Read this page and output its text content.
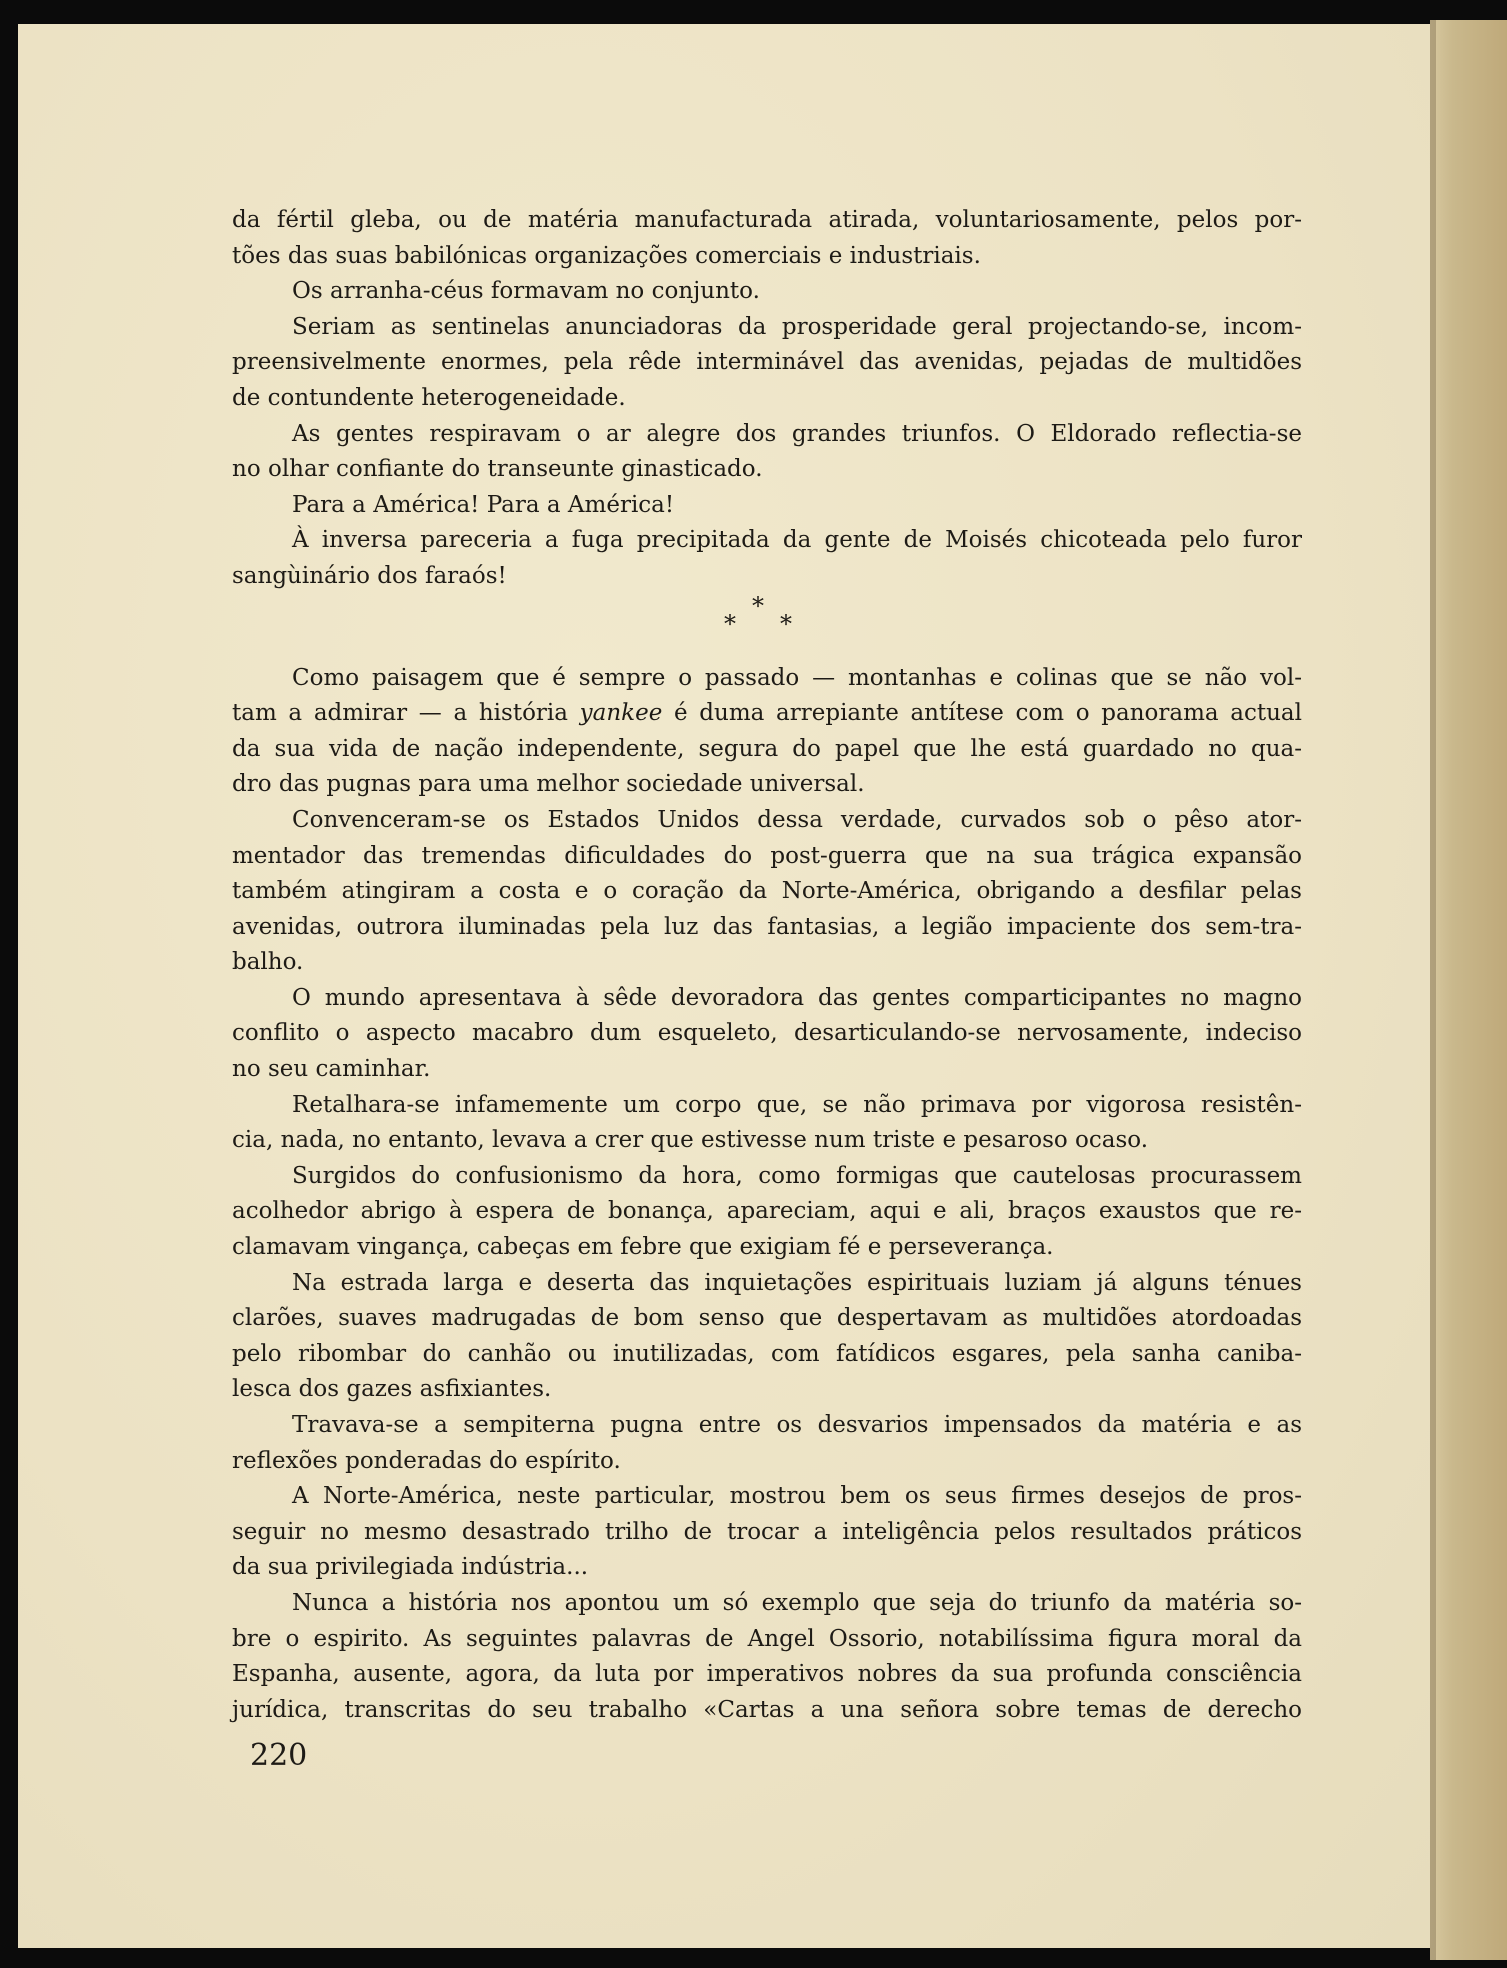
da fértil gleba, ou de matéria manufacturada atirada, voluntariosamente, pelos por-
tões das suas babilónicas organizações comerciais e industriais.
Os arranha-céus formavam no conjunto.
Seriam as sentinelas anunciadoras da prosperidade geral projectando-se, incom-
preensivelmente enormes, pela rêde interminável das avenidas, pejadas de multidões
de contundente heterogeneidade.
As gentes respiravam o ar alegre dos grandes triunfos. O Eldorado reflectia-se
no olhar confiante do transeunte ginasticado.
Para a América! Para a América!
À inversa pareceria a fuga precipitada da gente de Moisés chicoteada pelo furor
sangùinário dos faraós!
*
* *
Como paisagem que é sempre o passado — montanhas e colinas que se não vol-
tam a admirar — a história yankee é duma arrepiante antítese com o panorama actual
da sua vida de nação independente, segura do papel que lhe está guardado no qua-
dro das pugnas para uma melhor sociedade universal.
Convenceram-se os Estados Unidos dessa verdade, curvados sob o pêso ator-
mentador das tremendas dificuldades do post-guerra que na sua trágica expansão
também atingiram a costa e o coração da Norte-América, obrigando a desfilar pelas
avenidas, outrora iluminadas pela luz das fantasias, a legião impaciente dos sem-tra-
balho.
O mundo apresentava à sêde devoradora das gentes comparticipantes no magno
conflito o aspecto macabro dum esqueleto, desarticulando-se nervosamente, indeciso
no seu caminhar.
Retalhara-se infamemente um corpo que, se não primava por vigorosa resistên-
cia, nada, no entanto, levava a crer que estivesse num triste e pesaroso ocaso.
Surgidos do confusionismo da hora, como formigas que cautelosas procurassem
acolhedor abrigo à espera de bonança, apareciam, aqui e ali, braços exaustos que re-
clamavam vingança, cabeças em febre que exigiam fé e perseverança.
Na estrada larga e deserta das inquietações espirituais luziam já alguns ténues
clarões, suaves madrugadas de bom senso que despertavam as multidões atordoadas
pelo ribombar do canhão ou inutilizadas, com fatídicos esgares, pela sanha caniba-
lesca dos gazes asfixiantes.
Travava-se a sempiterna pugna entre os desvarios impensados da matéria e as
reflexões ponderadas do espírito.
A Norte-América, neste particular, mostrou bem os seus firmes desejos de pros-
seguir no mesmo desastrado trilho de trocar a inteligência pelos resultados práticos
da sua privilegiada indústria...
Nunca a história nos apontou um só exemplo que seja do triunfo da matéria so-
bre o espirito. As seguintes palavras de Angel Ossorio, notabilíssima figura moral da
Espanha, ausente, agora, da luta por imperativos nobres da sua profunda consciência
jurídica, transcritas do seu trabalho «Cartas a una señora sobre temas de derecho
220
